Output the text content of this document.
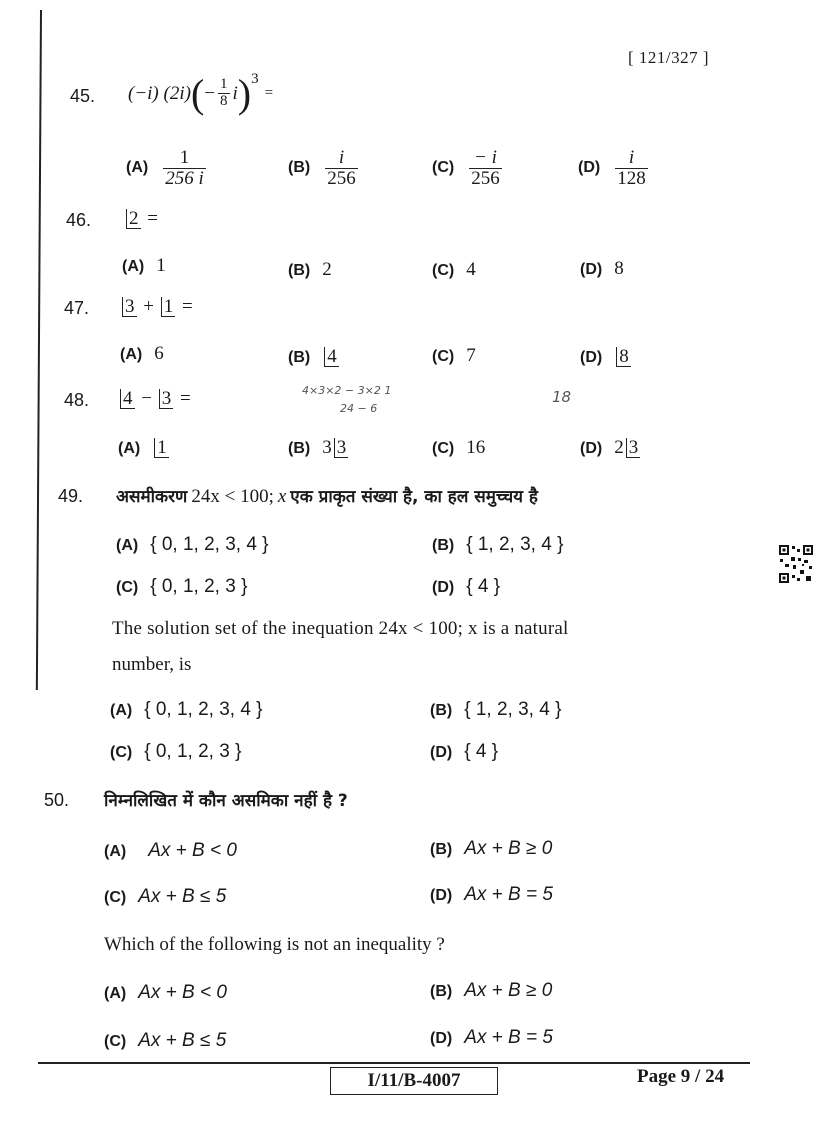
[ 121/327 ]
45. (−i)
(2i) ( − $\frac{1}{8}$ i )$^3$
=
$(A) \frac{1}{256 i}$	$(B) \frac{i}{256}$	$(C) \frac{- i}{256}$	$(D) \frac{i}{128}$
46. 2 =
(A) 1	(B) 2	(C) 4	(D) 8
47. 3 + 1 =
(A) 6	(B) 4	(C) 7	(D) 8
48. 4 − 3 =	4×3×2 − 3×2 1
24 − 6
18
(A) 1	(B) 3 3	(C) 16	(D) 2 3
49. असमीकरण 24x < 100; x एक प्राकृत संख्या है, का हल समुच्चय है
(A) { 0, 1, 2, 3, 4 }	(B) { 1, 2, 3, 4 }
(C) { 0, 1, 2, 3 }	(D) { 4 }
The solution set of the inequation 24x < 100; x is a natural
number, is
(A) { 0, 1, 2, 3, 4 }	(B) { 1, 2, 3, 4 }
(C) { 0, 1, 2, 3 }	(D) { 4 }
50. निम्नलिखित में कौन असमिका नहीं है ?
(A) Ax + B < 0	(B) Ax + B ≥ 0
(C) Ax + B ≤ 5	(D) Ax + B = 5
Which of the following is not an inequality ?
(A) Ax + B < 0	(B) Ax + B ≥ 0
(C) Ax + B ≤ 5	(D) Ax + B = 5
I/11/B-4007	Page 9 / 24
